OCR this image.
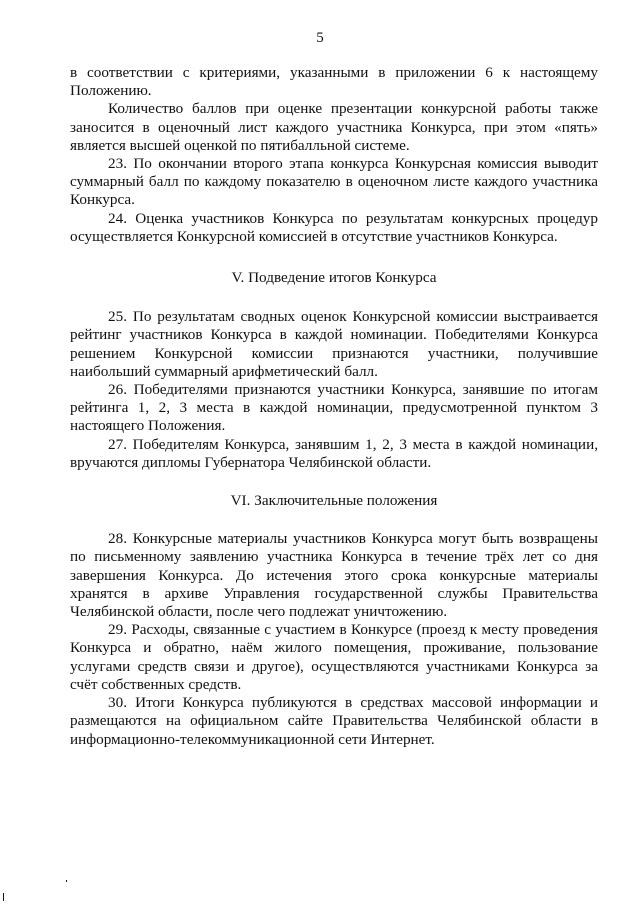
5

в соответствии с критериями, указанными в приложении 6 к настоящему Положению.

Количество баллов при оценке презентации конкурсной работы также заносится в оценочный лист каждого участника Конкурса, при этом «пять» является высшей оценкой по пятибалльной системе.

23. По окончании второго этапа конкурса Конкурсная комиссия выводит суммарный балл по каждому показателю в оценочном листе каждого участника Конкурса.

24. Оценка участников Конкурса по результатам конкурсных процедур осуществляется Конкурсной комиссией в отсутствие участников Конкурса.

V. Подведение итогов Конкурса

25. По результатам сводных оценок Конкурсной комиссии выстраивается рейтинг участников Конкурса в каждой номинации. Победителями Конкурса решением Конкурсной комиссии признаются участники, получившие наибольший суммарный арифметический балл.

26. Победителями признаются участники Конкурса, занявшие по итогам рейтинга 1, 2, 3 места в каждой номинации, предусмотренной пунктом 3 настоящего Положения.

27. Победителям Конкурса, занявшим 1, 2, 3 места в каждой номинации, вручаются дипломы Губернатора Челябинской области.

VI. Заключительные положения

28. Конкурсные материалы участников Конкурса могут быть возвращены по письменному заявлению участника Конкурса в течение трёх лет со дня завершения Конкурса. До истечения этого срока конкурсные материалы хранятся в архиве Управления государственной службы Правительства Челябинской области, после чего подлежат уничтожению.

29. Расходы, связанные с участием в Конкурсе (проезд к месту проведения Конкурса и обратно, наём жилого помещения, проживание, пользование услугами средств связи и другое), осуществляются участниками Конкурса за счёт собственных средств.

30. Итоги Конкурса публикуются в средствах массовой информации и размещаются на официальном сайте Правительства Челябинской области в информационно-телекоммуникационной сети Интернет.
